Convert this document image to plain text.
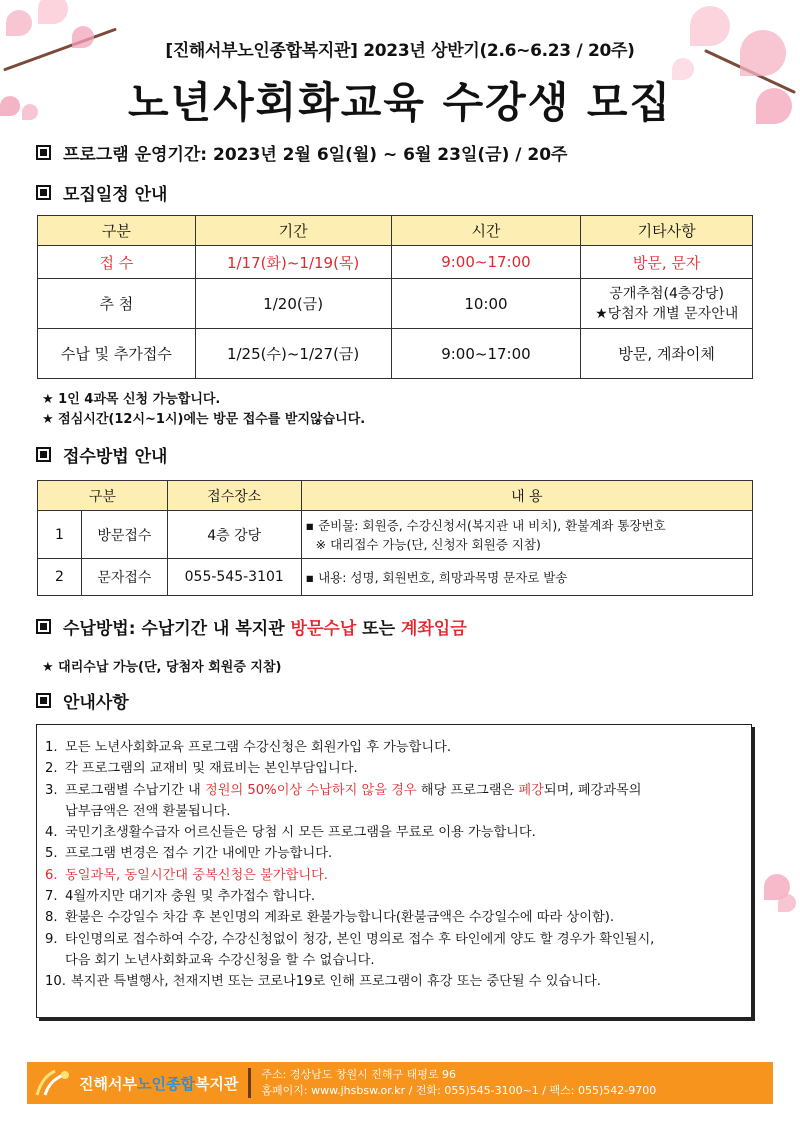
[진해서부노인종합복지관] 2023년 상반기(2.6~6.23 / 20주)
노년사회화교육 수강생 모집
프로그램 운영기간: 2023년 2월 6일(월) ~ 6월 23일(금) / 20주
모집일정 안내
구분	기간	시간	기타사항
접 수	1/17(화)~1/19(목)	9:00~17:00	방문, 문자
추 첨	1/20(금)	10:00	공개추첨(4층강당)
★당첨자 개별 문자안내

수납 및 추가접수	1/25(수)~1/27(금)	9:00~17:00	방문, 계좌이체
★ 1인 4과목 신청 가능합니다.
★ 점심시간(12시~1시)에는 방문 접수를 받지않습니다.
접수방법 안내
구분		접수장소	내 용
1	방문접수	4층 강당	▪ 준비물: 회원증, 수강신청서(복지관 내 비치), 환불계좌 통장번호
※ 대리접수 가능(단, 신청자 회원증 지참)

2	문자접수	055-545-3101	▪ 내용: 성명, 회원번호, 희망과목명 문자로 발송
수납방법: 수납기간 내 복지관 방문수납 또는 계좌입금
★ 대리수납 가능(단, 당첨자 회원증 지참)
안내사항
1. 모든 노년사회화교육 프로그램 수강신청은 회원가입 후 가능합니다.
2. 각 프로그램의 교재비 및 재료비는 본인부담입니다.
3. 프로그램별 수납기간 내 정원의 50%이상 수납하지 않을 경우 해당 프로그램은 폐강되며, 폐강과목의
납부금액은 전액 환불됩니다.
4. 국민기초생활수급자 어르신들은 당첨 시 모든 프로그램을 무료로 이용 가능합니다.
5. 프로그램 변경은 접수 기간 내에만 가능합니다.
6. 동일과목, 동일시간대 중복신청은 불가합니다.
7. 4월까지만 대기자 충원 및 추가접수 합니다.
8. 환불은 수강일수 차감 후 본인명의 계좌로 환불가능합니다(환불금액은 수강일수에 따라 상이함).
9. 타인명의로 접수하여 수강, 수강신청없이 청강, 본인 명의로 접수 후 타인에게 양도 할 경우가 확인될시,
다음 회기 노년사회화교육 수강신청을 할 수 없습니다.
10. 복지관 특별행사, 천재지변 또는 코로나19로 인해 프로그램이 휴강 또는 중단될 수 있습니다.
진해서부노인종합복지관 주소: 경상남도 창원시 진해구 태평로 96
홈페이지: www.jhsbsw.or.kr / 전화: 055)545-3100~1 / 팩스: 055)542-9700
